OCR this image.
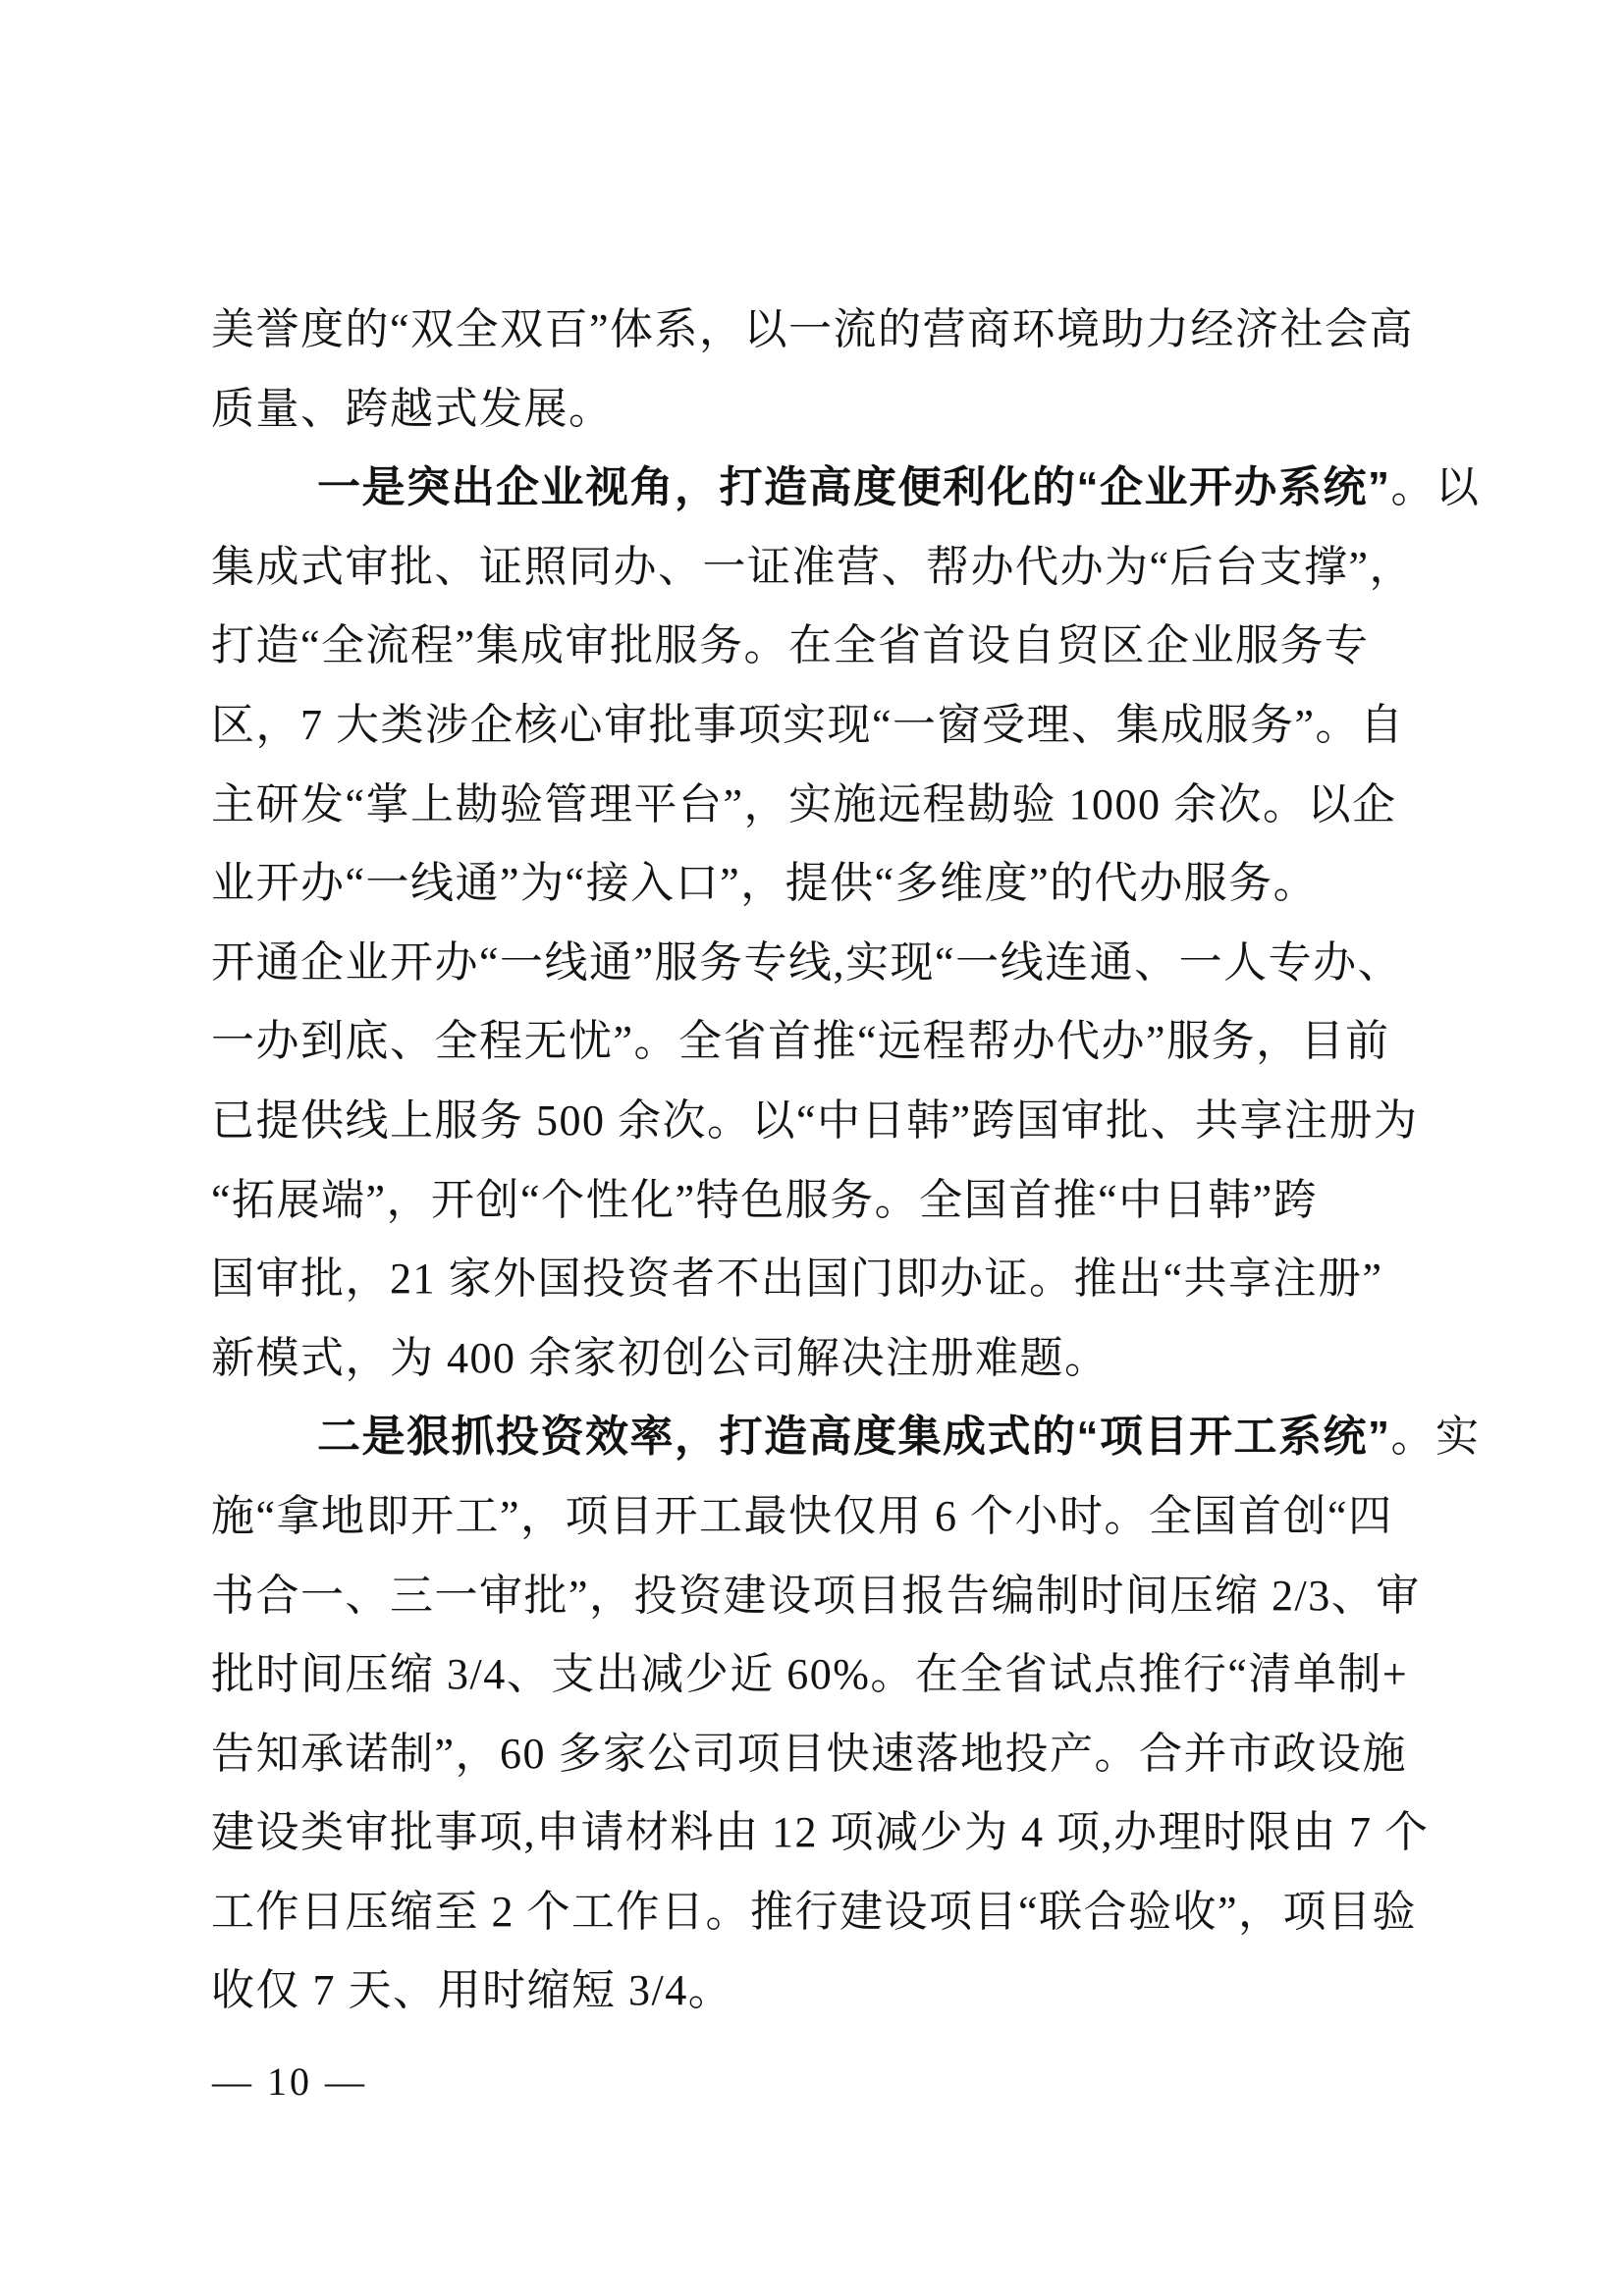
美誉度的“双全双百”体系，以一流的营商环境助力经济社会高
质量、跨越式发展。
一是突出企业视角，打造高度便利化的“企业开办系统”。以
集成式审批、证照同办、一证准营、帮办代办为“后台支撑”，
打造“全流程”集成审批服务。在全省首设自贸区企业服务专
区，7 大类涉企核心审批事项实现“一窗受理、集成服务”。自
主研发“掌上勘验管理平台”，实施远程勘验 1000 余次。以企
业开办“一线通”为“接入口”，提供“多维度”的代办服务。
开通企业开办“一线通”服务专线,实现“一线连通、一人专办、
一办到底、全程无忧”。全省首推“远程帮办代办”服务，目前
已提供线上服务 500 余次。以“中日韩”跨国审批、共享注册为
“拓展端”，开创“个性化”特色服务。全国首推“中日韩”跨
国审批，21 家外国投资者不出国门即办证。推出“共享注册”
新模式，为 400 余家初创公司解决注册难题。
二是狠抓投资效率，打造高度集成式的“项目开工系统”。实
施“拿地即开工”，项目开工最快仅用 6 个小时。全国首创“四
书合一、三一审批”，投资建设项目报告编制时间压缩 2/3、审
批时间压缩 3/4、支出减少近 60%。在全省试点推行“清单制+
告知承诺制”，60 多家公司项目快速落地投产。合并市政设施
建设类审批事项,申请材料由 12 项减少为 4 项,办理时限由 7 个
工作日压缩至 2 个工作日。推行建设项目“联合验收”，项目验
收仅 7 天、用时缩短 3/4。
— 10 —
